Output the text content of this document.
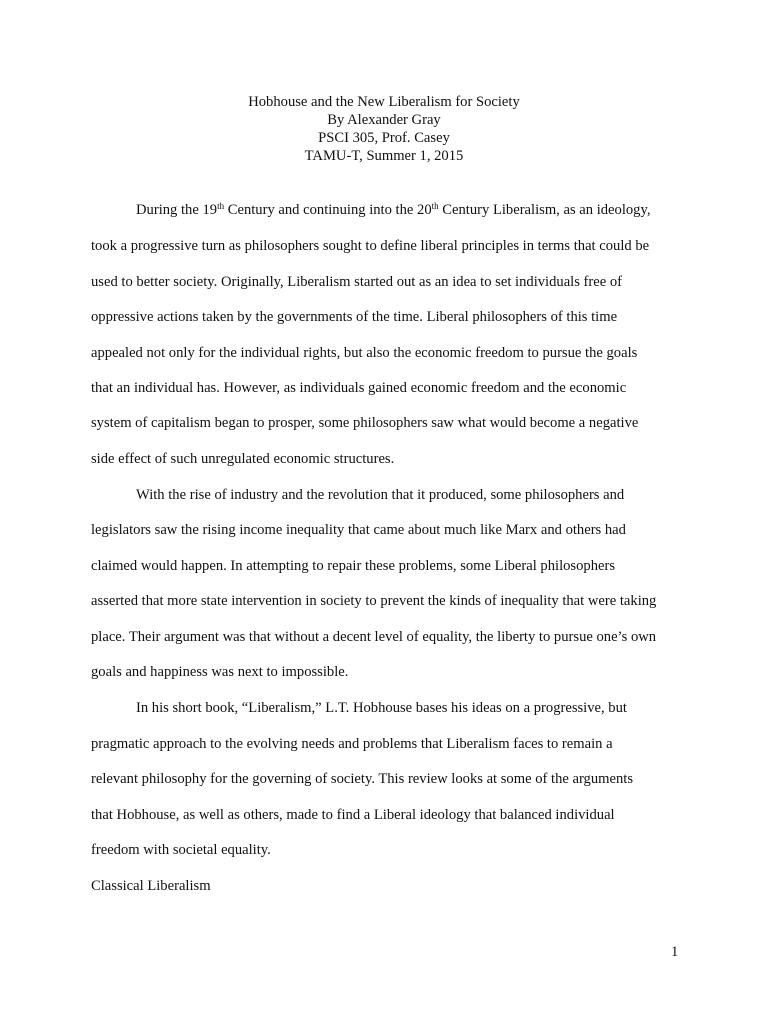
Hobhouse and the New Liberalism for Society
By Alexander Gray
PSCI 305, Prof. Casey
TAMU-T, Summer 1, 2015
During the 19th Century and continuing into the 20th Century Liberalism, as an ideology,
took a progressive turn as philosophers sought to define liberal principles in terms that could be
used to better society. Originally, Liberalism started out as an idea to set individuals free of
oppressive actions taken by the governments of the time. Liberal philosophers of this time
appealed not only for the individual rights, but also the economic freedom to pursue the goals
that an individual has. However, as individuals gained economic freedom and the economic
system of capitalism began to prosper, some philosophers saw what would become a negative
side effect of such unregulated economic structures.
With the rise of industry and the revolution that it produced, some philosophers and
legislators saw the rising income inequality that came about much like Marx and others had
claimed would happen. In attempting to repair these problems, some Liberal philosophers
asserted that more state intervention in society to prevent the kinds of inequality that were taking
place. Their argument was that without a decent level of equality, the liberty to pursue one’s own
goals and happiness was next to impossible.
In his short book, “Liberalism,” L.T. Hobhouse bases his ideas on a progressive, but
pragmatic approach to the evolving needs and problems that Liberalism faces to remain a
relevant philosophy for the governing of society. This review looks at some of the arguments
that Hobhouse, as well as others, made to find a Liberal ideology that balanced individual
freedom with societal equality.
Classical Liberalism
1
